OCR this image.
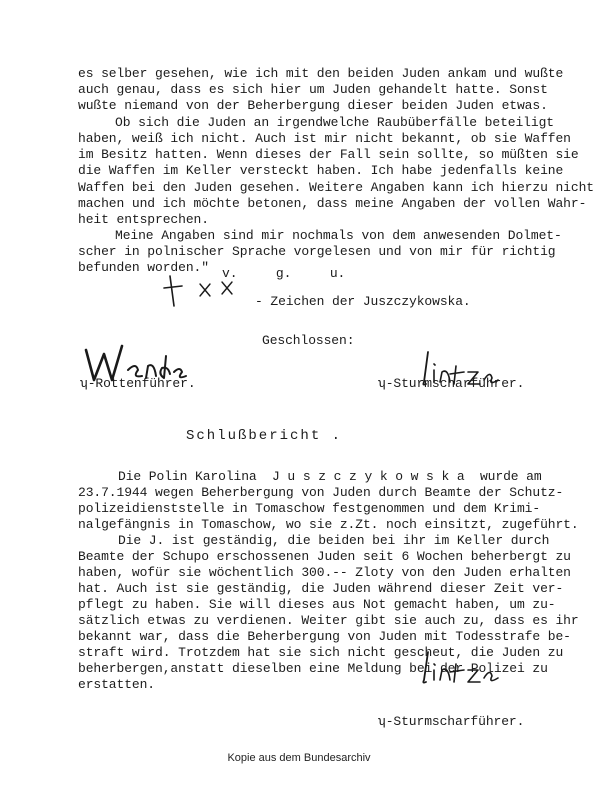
es selber gesehen, wie ich mit den beiden Juden ankam und wußte
auch genau, dass es sich hier um Juden gehandelt hatte. Sonst
wußte niemand von der Beherbergung dieser beiden Juden etwas.
Ob sich die Juden an irgendwelche Raubüberfälle beteiligt
haben, weiß ich nicht. Auch ist mir nicht bekannt, ob sie Waffen
im Besitz hatten. Wenn dieses der Fall sein sollte, so müßten sie
die Waffen im Keller versteckt haben. Ich habe jedenfalls keine
Waffen bei den Juden gesehen. Weitere Angaben kann ich hierzu nicht
machen und ich möchte betonen, dass meine Angaben der vollen Wahr-
heit entsprechen.
Meine Angaben sind mir nochmals von dem anwesenden Dolmet-
scher in polnischer Sprache vorgelesen und von mir für richtig
befunden worden." v.     g.     u.
- Zeichen der Juszczykowska.
Geschlossen:
ʮ-Rottenführer.	ʮ-Sturmscharführer.
Schlußbericht .
Die Polin Karolina  J u s z c z y k o w s k a  wurde am
23.7.1944 wegen Beherbergung von Juden durch Beamte der Schutz-
polizeidienststelle in Tomaschow festgenommen und dem Krimi-
nalgefängnis in Tomaschow, wo sie z.Zt. noch einsitzt, zugeführt.
Die J. ist geständig, die beiden bei ihr im Keller durch
Beamte der Schupo erschossenen Juden seit 6 Wochen beherbergt zu
haben, wofür sie wöchentlich 300.-- Zloty von den Juden erhalten
hat. Auch ist sie geständig, die Juden während dieser Zeit ver-
pflegt zu haben. Sie will dieses aus Not gemacht haben, um zu-
sätzlich etwas zu verdienen. Weiter gibt sie auch zu, dass es ihr
bekannt war, dass die Beherbergung von Juden mit Todesstrafe be-
straft wird. Trotzdem hat sie sich nicht gescheut, die Juden zu
beherbergen,anstatt dieselben eine Meldung bei der Polizei zu
erstatten.
ʮ-Sturmscharführer.
Kopie aus dem Bundesarchiv
